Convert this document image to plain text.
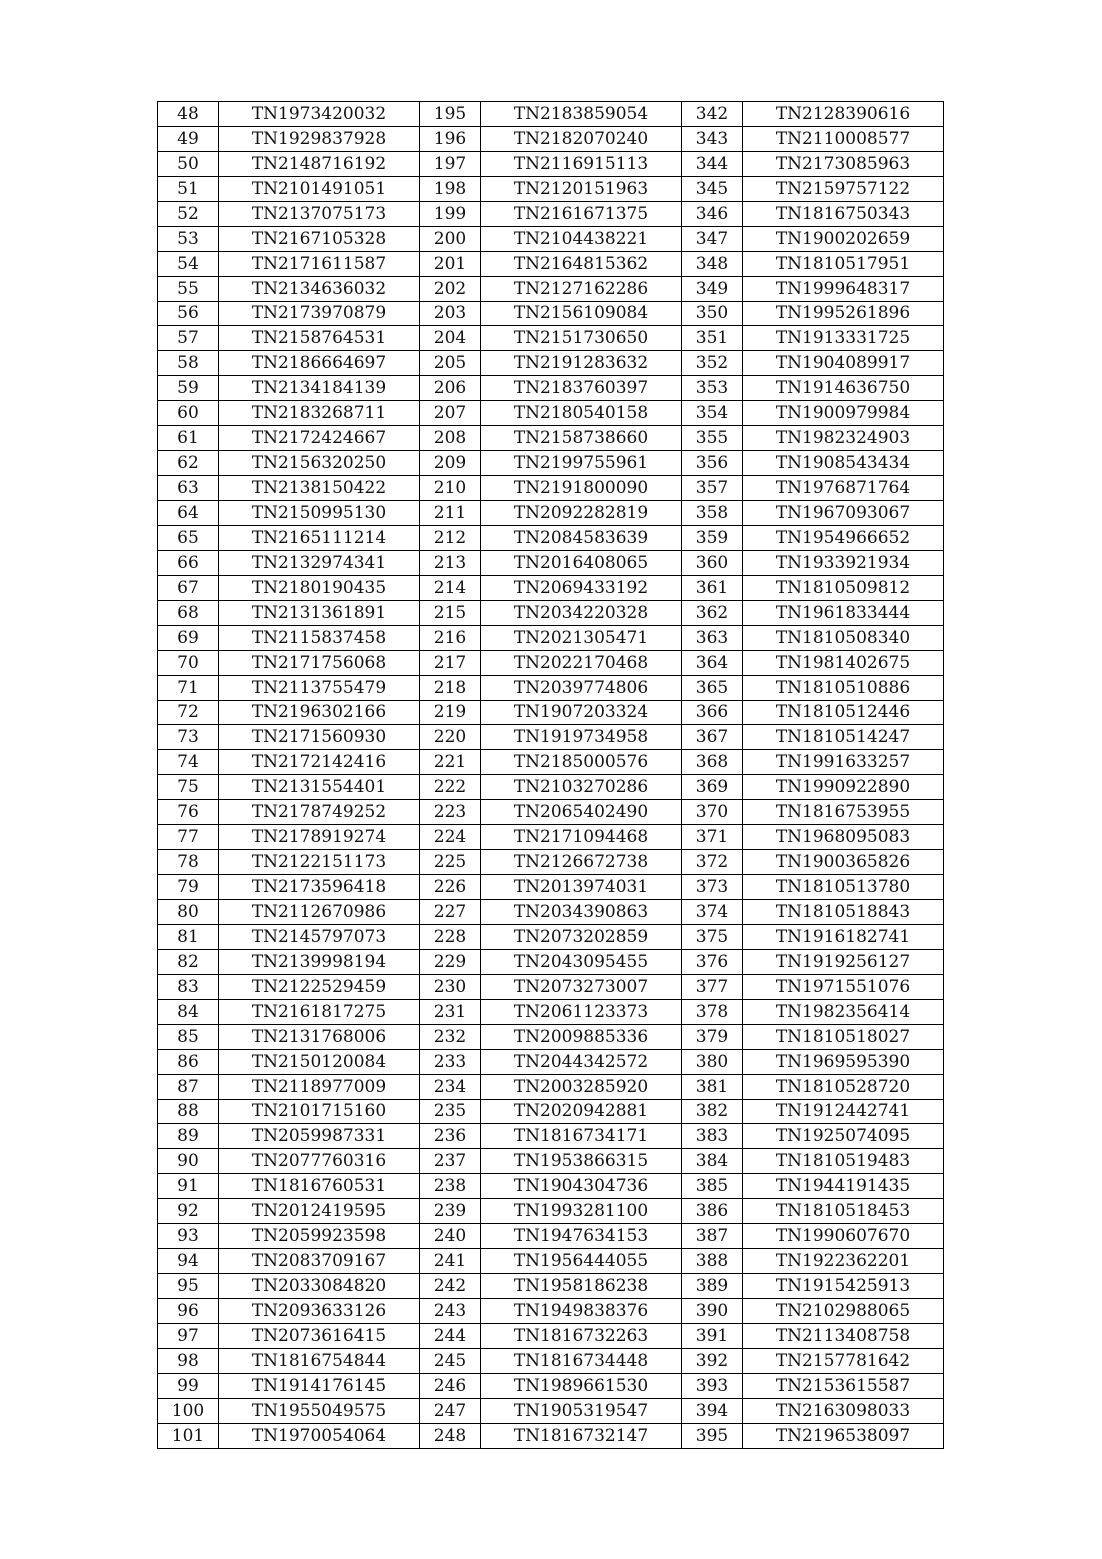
48	TN1973420032	195	TN2183859054	342	TN2128390616
49	TN1929837928	196	TN2182070240	343	TN2110008577
50	TN2148716192	197	TN2116915113	344	TN2173085963
51	TN2101491051	198	TN2120151963	345	TN2159757122
52	TN2137075173	199	TN2161671375	346	TN1816750343
53	TN2167105328	200	TN2104438221	347	TN1900202659
54	TN2171611587	201	TN2164815362	348	TN1810517951
55	TN2134636032	202	TN2127162286	349	TN1999648317
56	TN2173970879	203	TN2156109084	350	TN1995261896
57	TN2158764531	204	TN2151730650	351	TN1913331725
58	TN2186664697	205	TN2191283632	352	TN1904089917
59	TN2134184139	206	TN2183760397	353	TN1914636750
60	TN2183268711	207	TN2180540158	354	TN1900979984
61	TN2172424667	208	TN2158738660	355	TN1982324903
62	TN2156320250	209	TN2199755961	356	TN1908543434
63	TN2138150422	210	TN2191800090	357	TN1976871764
64	TN2150995130	211	TN2092282819	358	TN1967093067
65	TN2165111214	212	TN2084583639	359	TN1954966652
66	TN2132974341	213	TN2016408065	360	TN1933921934
67	TN2180190435	214	TN2069433192	361	TN1810509812
68	TN2131361891	215	TN2034220328	362	TN1961833444
69	TN2115837458	216	TN2021305471	363	TN1810508340
70	TN2171756068	217	TN2022170468	364	TN1981402675
71	TN2113755479	218	TN2039774806	365	TN1810510886
72	TN2196302166	219	TN1907203324	366	TN1810512446
73	TN2171560930	220	TN1919734958	367	TN1810514247
74	TN2172142416	221	TN2185000576	368	TN1991633257
75	TN2131554401	222	TN2103270286	369	TN1990922890
76	TN2178749252	223	TN2065402490	370	TN1816753955
77	TN2178919274	224	TN2171094468	371	TN1968095083
78	TN2122151173	225	TN2126672738	372	TN1900365826
79	TN2173596418	226	TN2013974031	373	TN1810513780
80	TN2112670986	227	TN2034390863	374	TN1810518843
81	TN2145797073	228	TN2073202859	375	TN1916182741
82	TN2139998194	229	TN2043095455	376	TN1919256127
83	TN2122529459	230	TN2073273007	377	TN1971551076
84	TN2161817275	231	TN2061123373	378	TN1982356414
85	TN2131768006	232	TN2009885336	379	TN1810518027
86	TN2150120084	233	TN2044342572	380	TN1969595390
87	TN2118977009	234	TN2003285920	381	TN1810528720
88	TN2101715160	235	TN2020942881	382	TN1912442741
89	TN2059987331	236	TN1816734171	383	TN1925074095
90	TN2077760316	237	TN1953866315	384	TN1810519483
91	TN1816760531	238	TN1904304736	385	TN1944191435
92	TN2012419595	239	TN1993281100	386	TN1810518453
93	TN2059923598	240	TN1947634153	387	TN1990607670
94	TN2083709167	241	TN1956444055	388	TN1922362201
95	TN2033084820	242	TN1958186238	389	TN1915425913
96	TN2093633126	243	TN1949838376	390	TN2102988065
97	TN2073616415	244	TN1816732263	391	TN2113408758
98	TN1816754844	245	TN1816734448	392	TN2157781642
99	TN1914176145	246	TN1989661530	393	TN2153615587
100	TN1955049575	247	TN1905319547	394	TN2163098033
101	TN1970054064	248	TN1816732147	395	TN2196538097
